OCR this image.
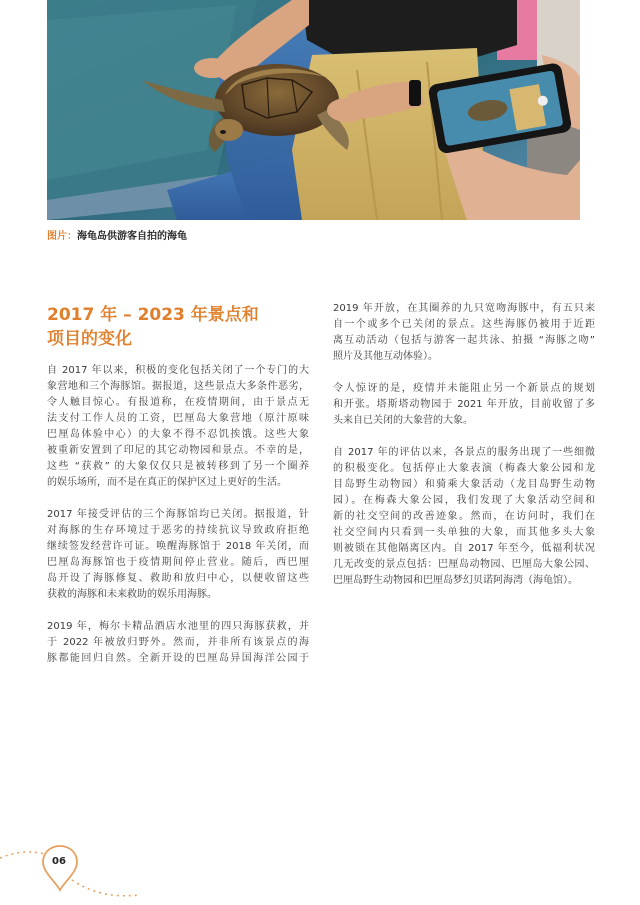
图片：海龟岛供游客自拍的海龟
2017 年 – 2023 年景点和
项目的变化
自 2017 年以来，积极的变化包括关闭了一个专门的大
象营地和三个海豚馆。据报道，这些景点大多条件恶劣，
令人触目惊心。有报道称，在疫情期间，由于景点无
法支付工作人员的工资，巴厘岛大象营地（原汁原味
巴厘岛体验中心）的大象不得不忍饥挨饿。这些大象
被重新安置到了印尼的其它动物园和景点。不幸的是，
这些 “获救” 的大象仅仅只是被转移到了另一个圈养
的娱乐场所，而不是在真正的保护区过上更好的生活。
2017 年接受评估的三个海豚馆均已关闭。据报道，针
对海豚的生存环境过于恶劣的持续抗议导致政府拒绝
继续签发经营许可证。唤醒海豚馆于 2018 年关闭，而
巴厘岛海豚馆也于疫情期间停止营业。随后，西巴厘
岛开设了海豚修复、救助和放归中心，以便收留这些
获救的海豚和未来救助的娱乐用海豚。
2019 年，梅尔卡精品酒店水池里的四只海豚获救，并
于 2022 年被放归野外。然而，并非所有该景点的海
豚都能回归自然。全新开设的巴厘岛异国海洋公园于
2019 年开放，在其圈养的九只宽吻海豚中，有五只来
自一个或多个已关闭的景点。这些海豚仍被用于近距
离互动活动（包括与游客一起共泳、拍摄 “海豚之吻”
照片及其他互动体验）。
令人惊讶的是，疫情并未能阻止另一个新景点的规划
和开张。塔斯塔动物园于 2021 年开放，目前收留了多
头来自已关闭的大象营的大象。
自 2017 年的评估以来，各景点的服务出现了一些细微
的积极变化。包括停止大象表演（梅森大象公园和龙
目岛野生动物园）和骑乘大象活动（龙目岛野生动物
园）。在梅森大象公园，我们发现了大象活动空间和
新的社交空间的改善迹象。然而，在访问时，我们在
社交空间内只看到一头单独的大象，而其他多头大象
则被锁在其他隔离区内。自 2017 年至今，低福利状况
几无改变的景点包括：巴厘岛动物园、巴厘岛大象公园、
巴厘岛野生动物园和巴厘岛梦幻贝诺阿海湾（海龟馆）。
06
